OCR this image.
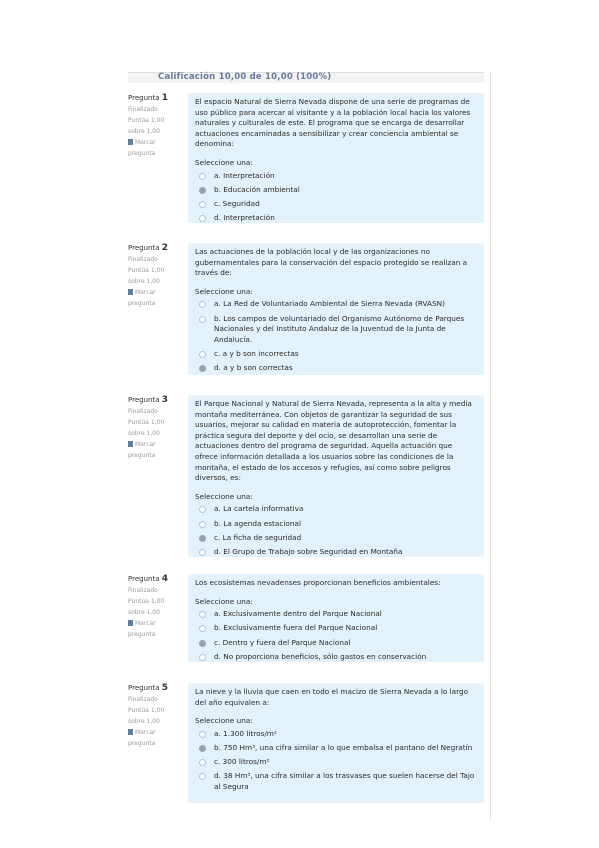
Calificación 10,00 de 10,00 (100%)
Pregunta 1
Finalizado
Puntúa 1,00
sobre 1,00
Marcar
pregunta

El espacio Natural de Sierra Nevada dispone de una serie de programas de uso público para acercar al visitante y a la población local hacia los valores naturales y culturales de este. El programa que se encarga de desarrollar actuaciones encaminadas a sensibilizar y crear conciencia ambiental se denomina:

Seleccione una:

a. Interpretación
b. Educación ambiental
c. Seguridad
d. Interpretación
Pregunta 2
Finalizado
Puntúa 1,00
sobre 1,00
Marcar
pregunta

Las actuaciones de la población local y de las organizaciones no gubernamentales para la conservación del espacio protegido se realizan a través de:

Seleccione una:

a. La Red de Voluntariado Ambiental de Sierra Nevada (RVASN)
b. Los campos de voluntariado del Organismo Autónomo de Parques Nacionales y del Instituto Andaluz de la Juventud de la Junta de Andalucía.
c. a y b son incorrectas
d. a y b son correctas
Pregunta 3
Finalizado
Puntúa 1,00
sobre 1,00
Marcar
pregunta

El Parque Nacional y Natural de Sierra Nevada, representa a la alta y media montaña mediterránea. Con objetos de garantizar la seguridad de sus usuarios, mejorar su calidad en materia de autoprotección, fomentar la práctica segura del deporte y del ocio, se desarrollan una serie de actuaciones dentro del programa de seguridad. Aquella actuación que ofrece información detallada a los usuarios sobre las condiciones de la montaña, el estado de los accesos y refugios, así como sobre peligros diversos, es:

Seleccione una:

a. La cartela informativa
b. La agenda estacional
c. La ficha de seguridad
d. El Grupo de Trabajo sobre Seguridad en Montaña
Pregunta 4
Finalizado
Puntúa 1,00
sobre 1,00
Marcar
pregunta

Los ecosistemas nevadenses proporcionan beneficios ambientales:

Seleccione una:

a. Exclusivamente dentro del Parque Nacional
b. Exclusivamente fuera del Parque Nacional
c. Dentro y fuera del Parque Nacional
d. No proporciona beneficios, sólo gastos en conservación
Pregunta 5
Finalizado
Puntúa 1,00
sobre 1,00
Marcar
pregunta

La nieve y la lluvia que caen en todo el macizo de Sierra Nevada a lo largo del año equivalen a:

Seleccione una:

a. 1.300 litros/m²
b. 750 Hm³, una cifra similar a lo que embalsa el pantano del Negratín
c. 300 litros/m²
d. 38 Hm³, una cifra similar a los trasvases que suelen hacerse del Tajo al Segura
